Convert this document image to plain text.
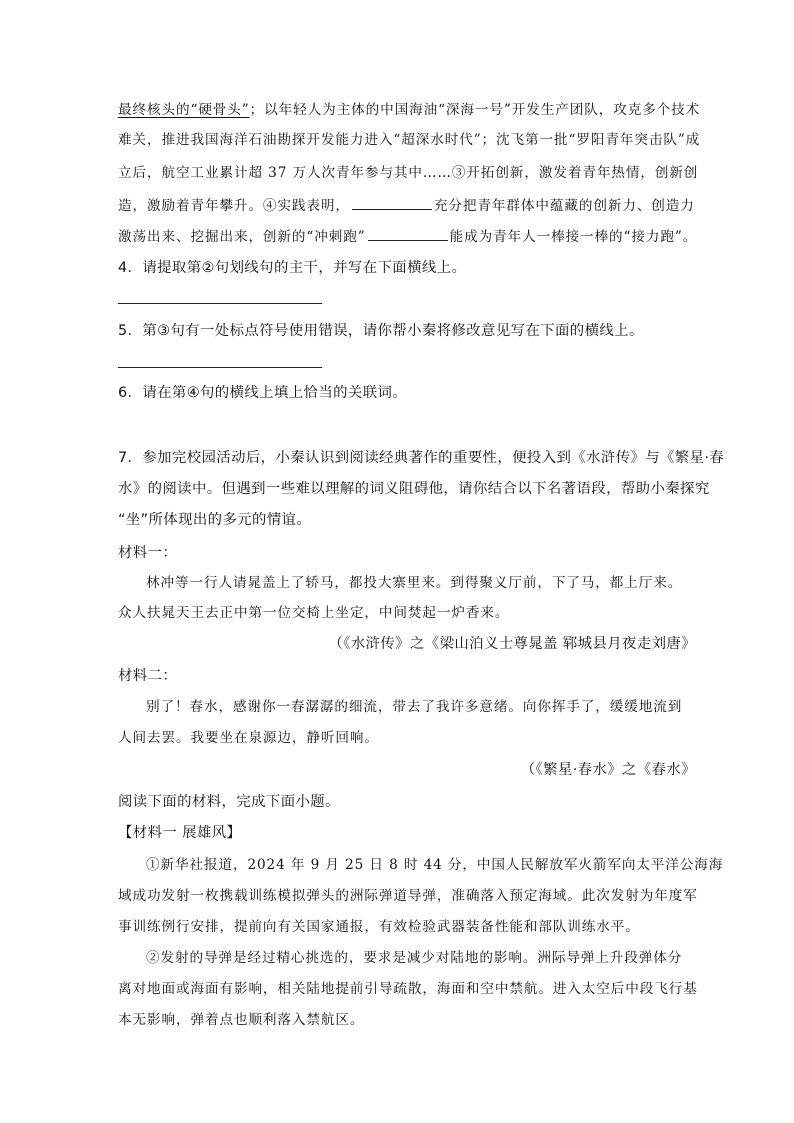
最终核头的“硬骨头”；以年轻人为主体的中国海油“深海一号”开发生产团队，攻克多个技术
难关，推进我国海洋石油勘探开发能力进入“超深水时代”；沈飞第一批“罗阳青年突击队”成
立后，航空工业累计超 37 万人次青年参与其中……③开拓创新，激发着青年热情，创新创
造，激励着青年攀升。④实践表明，	充分把青年群体中蕴藏的创新力、创造力
激荡出来、挖掘出来，创新的“冲刺跑”	能成为青年人一棒接一棒的“接力跑”。
4．请提取第②句划线句的主干，并写在下面横线上。
5．第③句有一处标点符号使用错误，请你帮小秦将修改意见写在下面的横线上。
6．请在第④句的横线上填上恰当的关联词。
7．参加完校园活动后，小秦认识到阅读经典著作的重要性，便投入到《水浒传》与《繁星·春
水》的阅读中。但遇到一些难以理解的词义阻碍他，请你结合以下名著语段，帮助小秦探究
“坐”所体现出的多元的情谊。
材料一：
林冲等一行人请晁盖上了轿马，都投大寨里来。到得聚义厅前，下了马，都上厅来。
众人扶晁天王去正中第一位交椅上坐定，中间焚起一炉香来。
（《水浒传》之《梁山泊义士尊晁盖 郓城县月夜走刘唐》
材料二：
别了！春水，感谢你一春潺潺的细流，带去了我许多意绪。向你挥手了，缓缓地流到
人间去罢。我要坐在泉源边，静听回响。
（《繁星·春水》之《春水》
阅读下面的材料，完成下面小题。
【材料一 展雄风】
①新华社报道，2024 年 9 月 25 日 8 时 44 分，中国人民解放军火箭军向太平洋公海海
域成功发射一枚携载训练模拟弹头的洲际弹道导弹，准确落入预定海域。此次发射为年度军
事训练例行安排，提前向有关国家通报，有效检验武器装备性能和部队训练水平。
②发射的导弹是经过精心挑选的，要求是减少对陆地的影响。洲际导弹上升段弹体分
离对地面或海面有影响，相关陆地提前引导疏散，海面和空中禁航。进入太空后中段飞行基
本无影响，弹着点也顺利落入禁航区。
